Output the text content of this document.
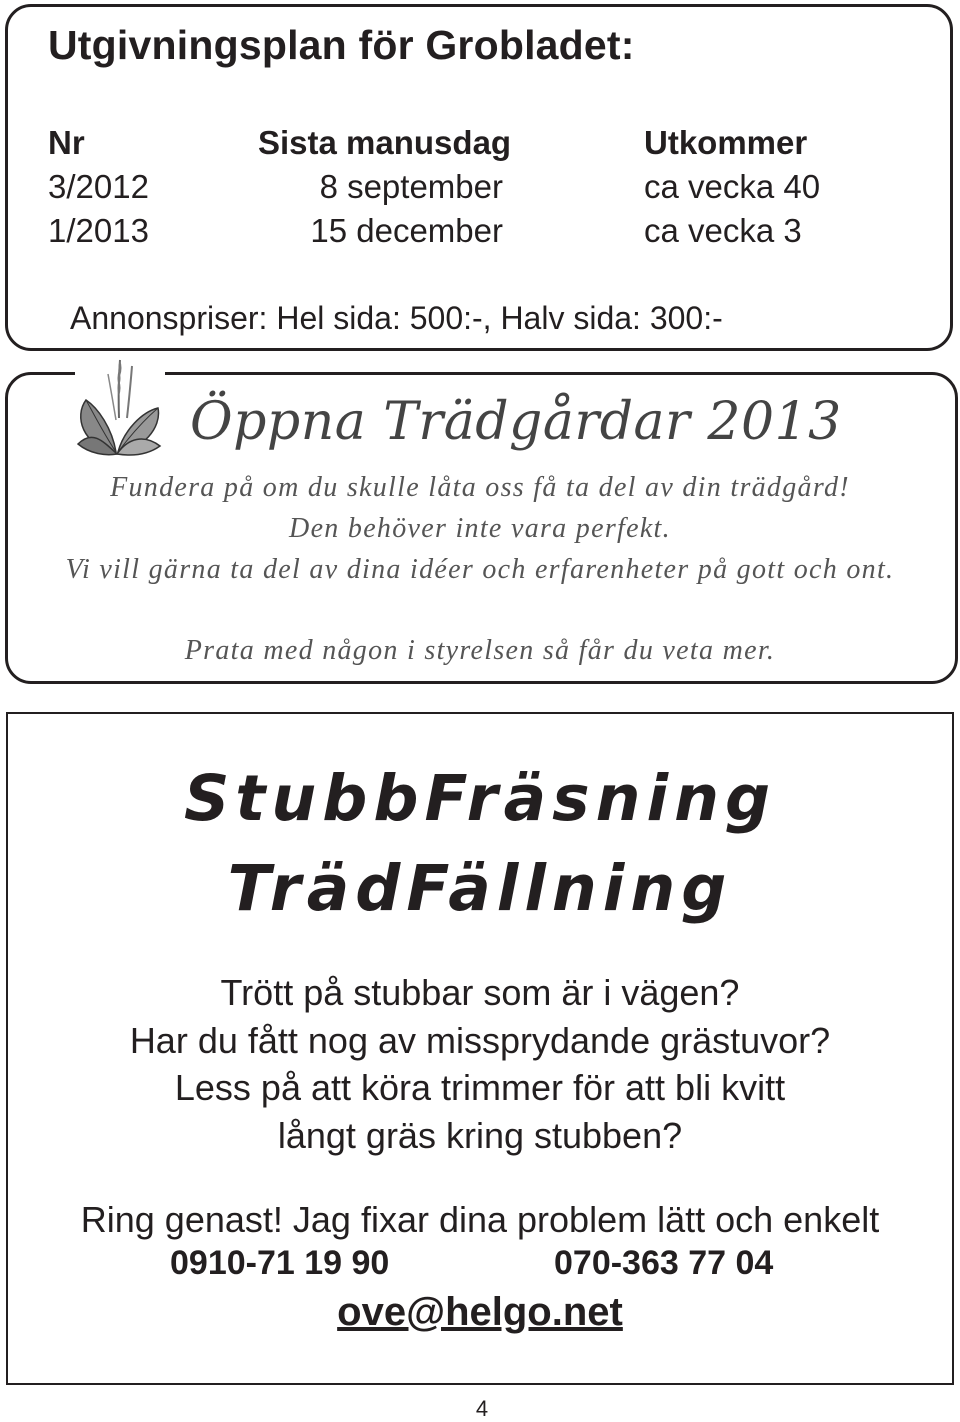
Utgivningsplan för Grobladet:
Nr	Sista manusdag	Utkommer
3/2012	8 september	ca vecka 40
1/2013	15 december	ca vecka 3
Annonspriser: Hel sida: 500:-, Halv sida: 300:-
Öppna Trädgårdar 2013
Fundera på om du skulle låta oss få ta del av din trädgård!
Den behöver inte vara perfekt.
Vi vill gärna ta del av dina idéer och erfarenheter på gott och ont.
Prata med någon i styrelsen så får du veta mer.
StubbFräsning
TrädFällning
Trött på stubbar som är i vägen?
Har du fått nog av missprydande grästuvor?
Less på att köra trimmer för att bli kvitt
långt gräs kring stubben?
Ring genast! Jag fixar dina problem lätt och enkelt
0910-71 19 90	070-363 77 04
ove@helgo.net
4
